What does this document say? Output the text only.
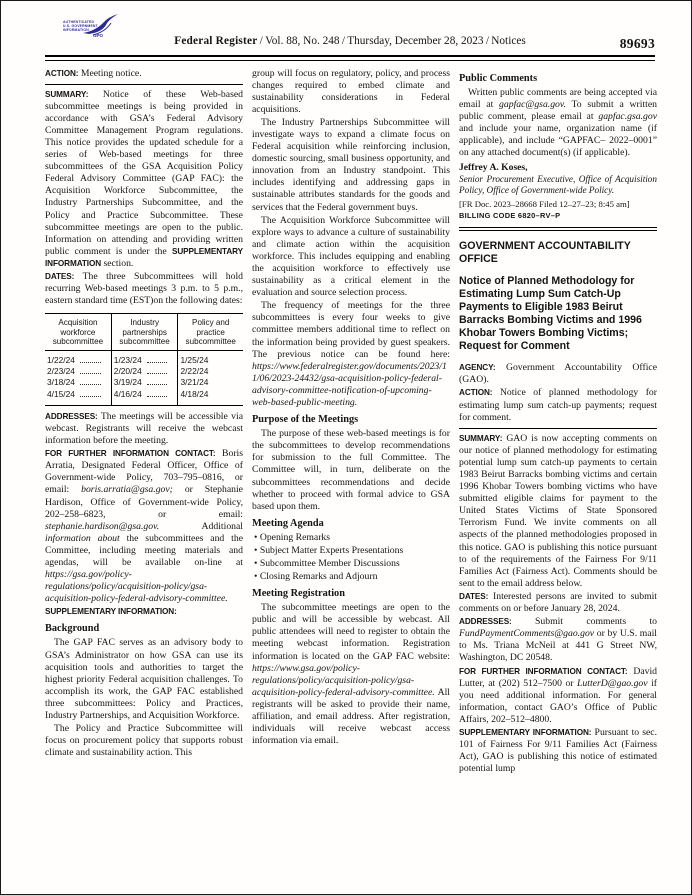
AUTHENTICATED
U.S. GOVERNMENT
INFORMATION
GPO	Federal Register / Vol. 88, No. 248 / Thursday, December 28, 2023 / Notices	89693

ACTION: Meeting notice.

SUMMARY: Notice of these Web-based subcommittee meetings is being provided in accordance with GSA’s Federal Advisory Committee Management Program regulations. This notice provides the updated schedule for a series of Web-based meetings for three subcommittees of the GSA Acquisition Policy Federal Advisory Committee (GAP FAC): the Acquisition Workforce Subcommittee, the Industry Partnerships Subcommittee, and the Policy and Practice Subcommittee. These subcommittee meetings are open to the public. Information on attending and providing written public comment is under the SUPPLEMENTARY INFORMATION section.

DATES: The three Subcommittees will hold recurring Web-based meetings 3 p.m. to 5 p.m., eastern standard time (EST)on the following dates:

Acquisition workforce subcommittee	Industry partnerships subcommittee	Policy and practice subcommittee

1/22/24	1/23/24	1/25/24

2/23/24	2/20/24	2/22/24

3/18/24	3/19/24	3/21/24

4/15/24	4/16/24	4/18/24

ADDRESSES: The meetings will be accessible via webcast. Registrants will receive the webcast information before the meeting.

FOR FURTHER INFORMATION CONTACT: Boris Arratia, Designated Federal Officer, Office of Government-wide Policy, 703–795–0816, or email: boris.arratia@gsa.gov; or Stephanie Hardison, Office of Government-wide Policy, 202–258–6823, or email: stephanie.hardison@gsa.gov. Additional information about the subcommittees and the Committee, including meeting materials and agendas, will be available on-line at https://gsa.gov/policy-regulations/policy/acquisition-policy/gsa-acquisition-policy-federal-advisory-committee.

SUPPLEMENTARY INFORMATION:

Background

The GAP FAC serves as an advisory body to GSA’s Administrator on how GSA can use its acquisition tools and authorities to target the highest priority Federal acquisition challenges. To accomplish its work, the GAP FAC established three subcommittees: Policy and Practices, Industry Partnerships, and Acquisition Workforce.

The Policy and Practice Subcommittee will focus on procurement policy that supports robust climate and sustainability action. This

group will focus on regulatory, policy, and process changes required to embed climate and sustainability considerations in Federal acquisitions.

The Industry Partnerships Subcommittee will investigate ways to expand a climate focus on Federal acquisition while reinforcing inclusion, domestic sourcing, small business opportunity, and innovation from an Industry standpoint. This includes identifying and addressing gaps in sustainable attributes standards for the goods and services that the Federal government buys.

The Acquisition Workforce Subcommittee will explore ways to advance a culture of sustainability and climate action within the acquisition workforce. This includes equipping and enabling the acquisition workforce to effectively use sustainability as a critical element in the evaluation and source selection process.

The frequency of meetings for the three subcommittees is every four weeks to give committee members additional time to reflect on the information being provided by guest speakers. The previous notice can be found here: https://www.federalregister.gov/documents/2023/11/06/2023-24432/gsa-acquisition-policy-federal-advisory-committee-notification-of-upcoming-web-based-public-meeting.

Purpose of the Meetings

The purpose of these web-based meetings is for the subcommittees to develop recommendations for submission to the full Committee. The Committee will, in turn, deliberate on the subcommittees recommendations and decide whether to proceed with formal advice to GSA based upon them.

Meeting Agenda

• Opening Remarks

• Subject Matter Experts Presentations

• Subcommittee Member Discussions

• Closing Remarks and Adjourn

Meeting Registration

The subcommittee meetings are open to the public and will be accessible by webcast. All public attendees will need to register to obtain the meeting webcast information. Registration information is located on the GAP FAC website: https://www.gsa.gov/policy-regulations/policy/acquisition-policy/gsa-acquisition-policy-federal-advisory-committee. All registrants will be asked to provide their name, affiliation, and email address. After registration, individuals will receive webcast access information via email.

Public Comments

Written public comments are being accepted via email at gapfac@gsa.gov. To submit a written public comment, please email at gapfac.gsa.gov and include your name, organization name (if applicable), and include “GAPFAC– 2022–0001” on any attached document(s) (if applicable).

Jeffrey A. Koses,

Senior Procurement Executive, Office of Acquisition Policy, Office of Government-wide Policy.

[FR Doc. 2023–28668 Filed 12–27–23; 8:45 am]

BILLING CODE 6820–RV–P

GOVERNMENT ACCOUNTABILITY OFFICE
Notice of Planned Methodology for Estimating Lump Sum Catch-Up Payments to Eligible 1983 Beirut Barracks Bombing Victims and 1996 Khobar Towers Bombing Victims; Request for Comment

AGENCY: Government Accountability Office (GAO).

ACTION: Notice of planned methodology for estimating lump sum catch-up payments; request for comment.

SUMMARY: GAO is now accepting comments on our notice of planned methodology for estimating potential lump sum catch-up payments to certain 1983 Beirut Barracks bombing victims and certain 1996 Khobar Towers bombing victims who have submitted eligible claims for payment to the United States Victims of State Sponsored Terrorism Fund. We invite comments on all aspects of the planned methodologies proposed in this notice. GAO is publishing this notice pursuant to of the requirements of the Fairness For 9/11 Families Act (Fairness Act). Comments should be sent to the email address below.

DATES: Interested persons are invited to submit comments on or before January 28, 2024.

ADDRESSES: Submit comments to FundPaymentComments@gao.gov or by U.S. mail to Ms. Triana McNeil at 441 G Street NW, Washington, DC 20548.

FOR FURTHER INFORMATION CONTACT: David Lutter, at (202) 512–7500 or LutterD@gao.gov if you need additional information. For general information, contact GAO’s Office of Public Affairs, 202–512–4800.

SUPPLEMENTARY INFORMATION: Pursuant to sec. 101 of Fairness For 9/11 Families Act (Fairness Act), GAO is publishing this notice of estimated potential lump
